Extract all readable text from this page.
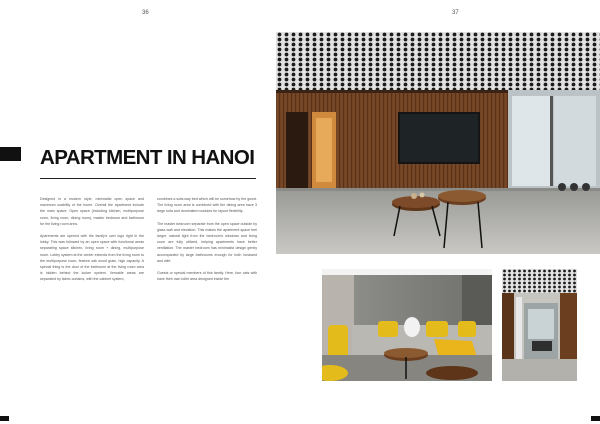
36	37
APARTMENT IN HANOI

Designed in a modern style, minimalist open space and maximum usability of the home. Overall the apartment include the main space: Open space (including kitchen, multipurpose room, living room, dining room), master bedroom and bathroom for the living room area.

Apartments are opened with the family's own logo right in the lobby. This was followed by an open space with functional areas separating space kitchen, living room + dining, multipurpose room. Lobby system at the center extends from the living room to the multipurpose room, feature oak wood grain, high capacity. A special thing is the door of the bathroom at the living room area is hidden behind the locker system. Versatile areas are separated by fabric curtains, with the cabinet system,

combines a sofa-way bed which will be somehow by the guest. The living room area is combined with the dining area have 3 large sofa and dominated modules for layout flexibility.

The master bedroom separate from the open space outside by glass wall and elevation. This makes the apartment space feel larger, natural light from the bedroom's windows and living room are fully utilized, helping apartments have better ventilation. The master bedroom has minimalist design gently accompanied by large bathrooms enough for both husband and wife.

Guests or special members of this family. Here, four cats with have their own toilet area designed inside the
